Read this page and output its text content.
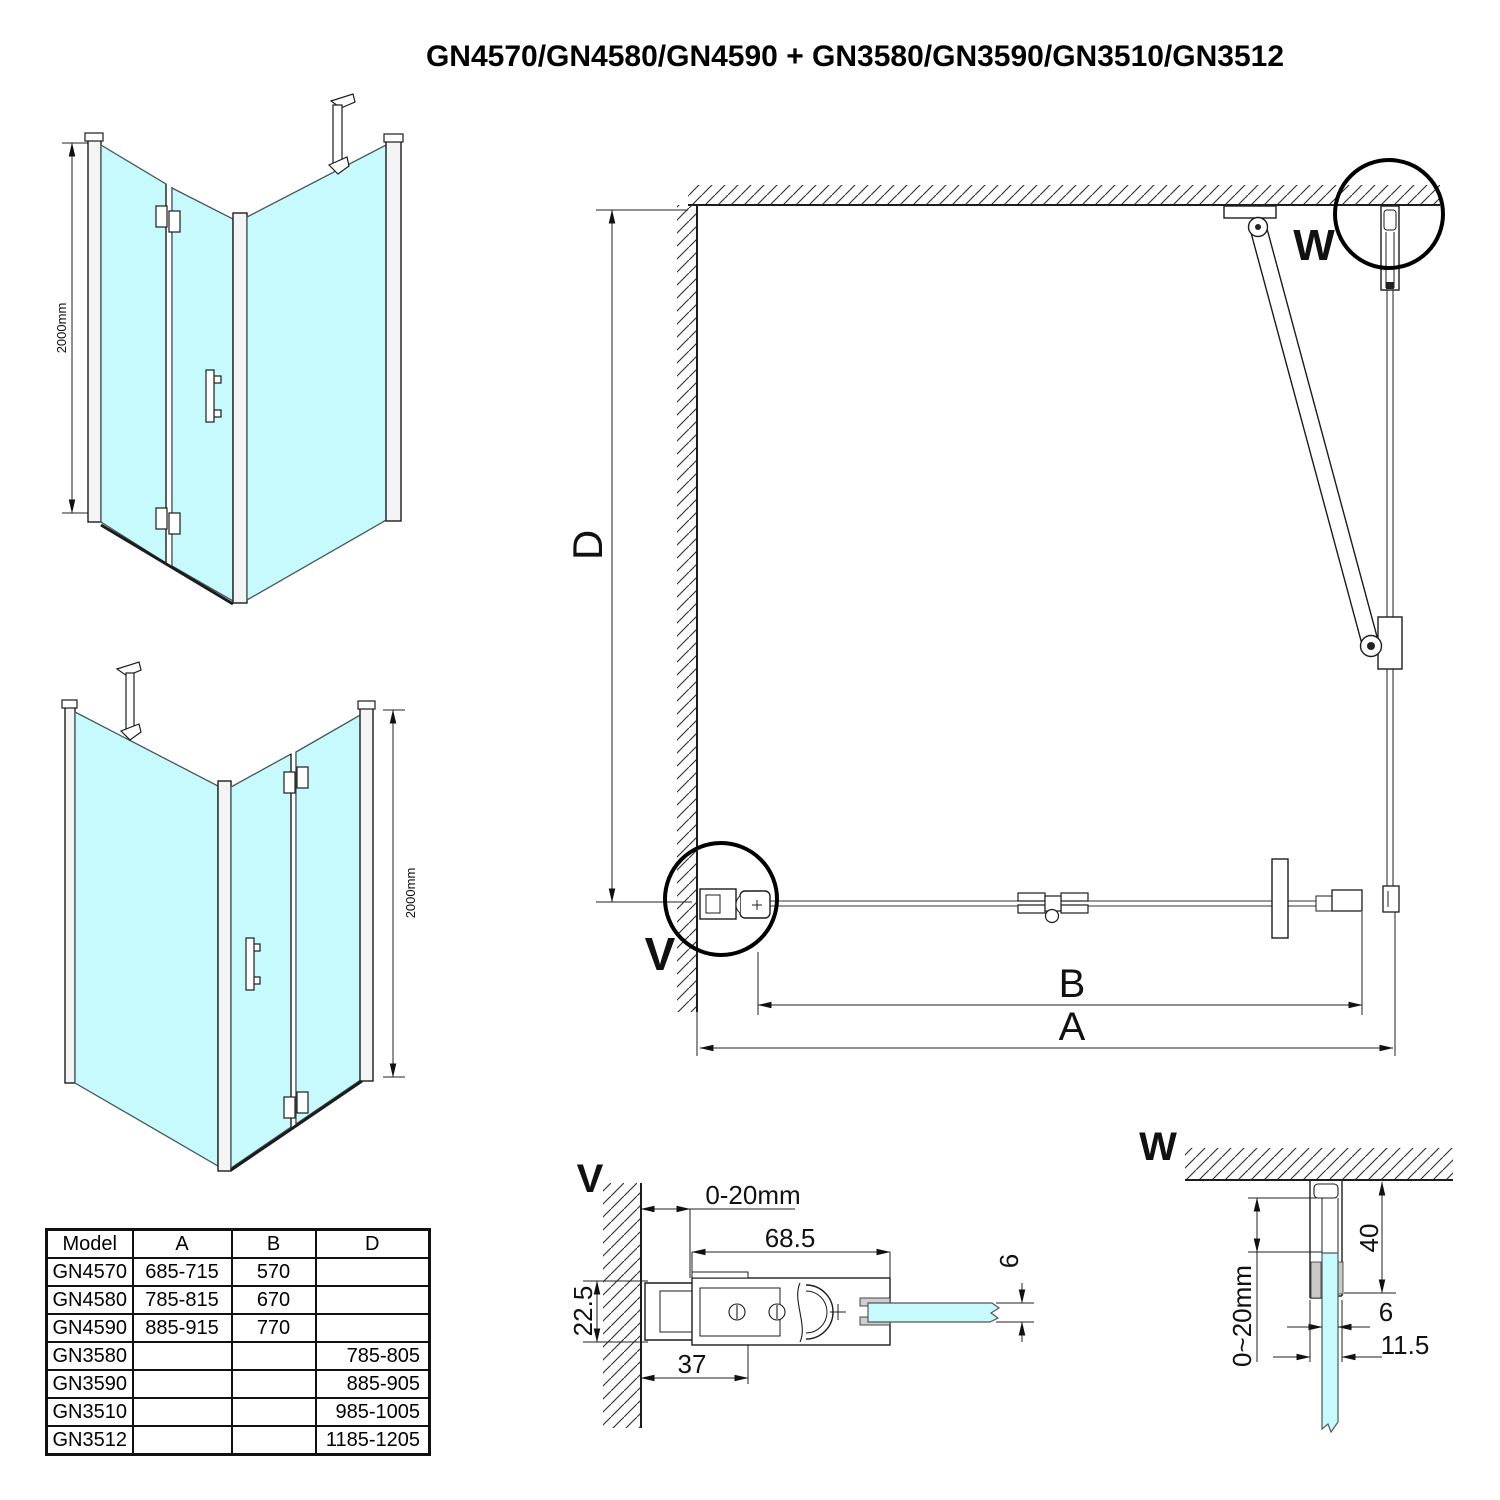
GN4570/GN4580/GN4590 + GN3580/GN3590/GN3510/GN3512
2000mm
2000mm
D
B
A
V
W
V	0-20mm
68.5
6
22.5
37
W
40
0~20mm	6
11.5
Model	A	B	D
GN4570	685-715	570	
GN4580	785-815	670	
GN4590	885-915	770	
GN3580			785-805
GN3590			885-905
GN3510			985-1005
GN3512			1185-1205
